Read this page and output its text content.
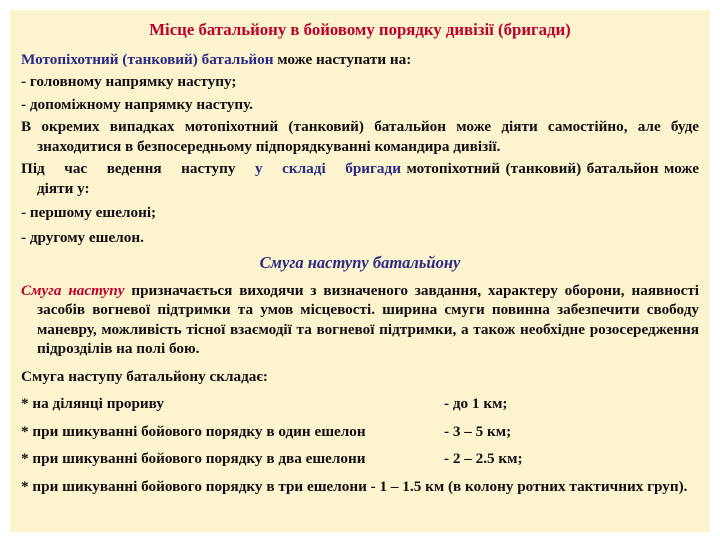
Місце батальйону в бойовому порядку дивізії (бригади)
Мотопіхотний (танковий) батальйон може наступати на:
- головному напрямку наступу;
- допоміжному напрямку наступу.
В окремих випадках мотопіхотний (танковий) батальйон може діяти самостійно, але буде знаходитися в безпосередньому підпорядкуванні командира дивізії.
Під час ведення наступу у складі бригади мотопіхотний (танковий) батальйон може діяти у:
- першому ешелоні;
- другому ешелон.
Смуга наступу батальйону
Смуга наступу призначається виходячи з визначеного завдання, характеру оборони, наявності засобів вогневої підтримки та умов місцевості. ширина смуги повинна забезпечити свободу маневру, можливість тісної взаємодії та вогневої підтримки, а також необхідне розосередження підрозділів на полі бою.
Смуга наступу батальйону складає:
* на ділянці прориву	- до 1 км;
* при шикуванні бойового порядку в один ешелон	- 3 – 5 км;
* при шикуванні бойового порядку в два ешелони	- 2 – 2.5 км;
* при шикуванні бойового порядку в три ешелони - 1 – 1.5 км (в колону ротних тактичних груп).
